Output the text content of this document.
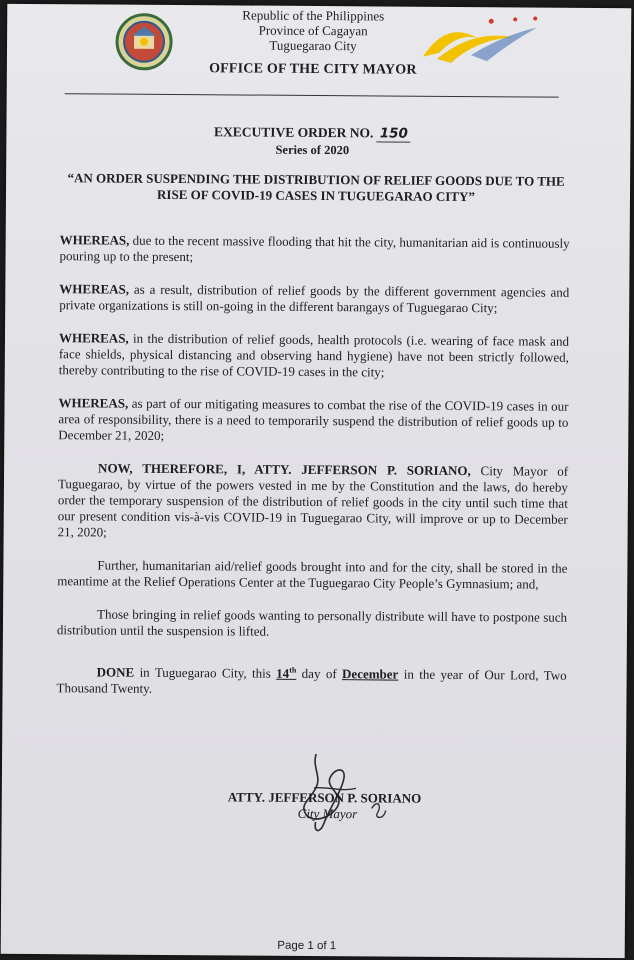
Republic of the Philippines
Province of Cagayan
Tuguegarao City
OFFICE OF THE CITY MAYOR
EXECUTIVE ORDER NO. 150
Series of 2020
“AN ORDER SUSPENDING THE DISTRIBUTION OF RELIEF GOODS DUE TO THE RISE OF COVID-19 CASES IN TUGUEGARAO CITY”

WHEREAS, due to the recent massive flooding that hit the city, humanitarian aid is continuously pouring up to the present;

WHEREAS, as a result, distribution of relief goods by the different government agencies and private organizations is still on-going in the different barangays of Tuguegarao City;

WHEREAS, in the distribution of relief goods, health protocols (i.e. wearing of face mask and face shields, physical distancing and observing hand hygiene) have not been strictly followed, thereby contributing to the rise of COVID-19 cases in the city;

WHEREAS, as part of our mitigating measures to combat the rise of the COVID-19 cases in our area of responsibility, there is a need to temporarily suspend the distribution of relief goods up to December 21, 2020;

NOW, THEREFORE, I, ATTY. JEFFERSON P. SORIANO, City Mayor of Tuguegarao, by virtue of the powers vested in me by the Constitution and the laws, do hereby order the temporary suspension of the distribution of relief goods in the city until such time that our present condition vis-à-vis COVID-19 in Tuguegarao City, will improve or up to December 21, 2020;

Further, humanitarian aid/relief goods brought into and for the city, shall be stored in the meantime at the Relief Operations Center at the Tuguegarao City People’s Gymnasium; and,

Those bringing in relief goods wanting to personally distribute will have to postpone such distribution until the suspension is lifted.

DONE in Tuguegarao City, this 14th day of December in the year of Our Lord, Two Thousand Twenty.

ATTY. JEFFERSON P. SORIANO
City Mayor
Page 1 of 1
